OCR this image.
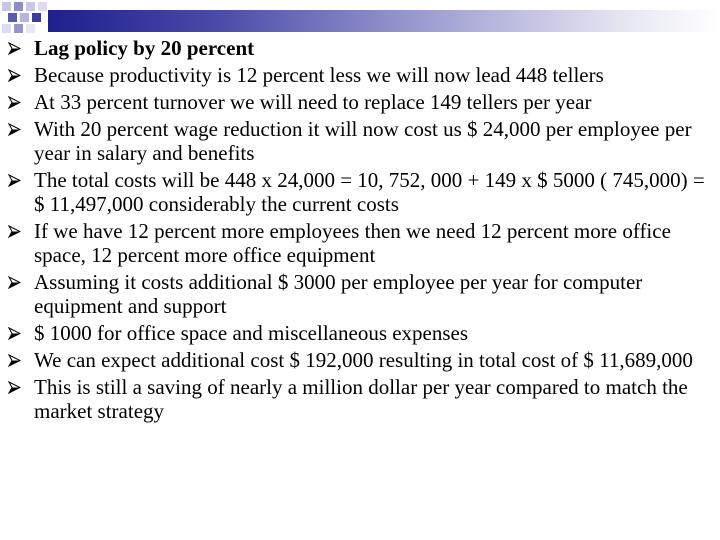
Lag policy by 20 percent
Because productivity is 12 percent less we will now lead 448 tellers
At 33 percent turnover we will need to replace 149 tellers per year
With 20 percent wage reduction it will now cost us $ 24,000 per employee per year in salary and benefits
The total costs will be 448 x 24,000 = 10, 752, 000 + 149 x $ 5000 ( 745,000) = $ 11,497,000 considerably the current costs
If we have 12 percent more employees then we need 12 percent more office space, 12 percent more office equipment
Assuming it costs additional $ 3000 per employee per year for computer equipment and support
$ 1000 for office space and miscellaneous expenses
We can expect additional cost $ 192,000 resulting in total cost of $ 11,689,000
This is still a saving of nearly a million dollar per year compared to match the market strategy
